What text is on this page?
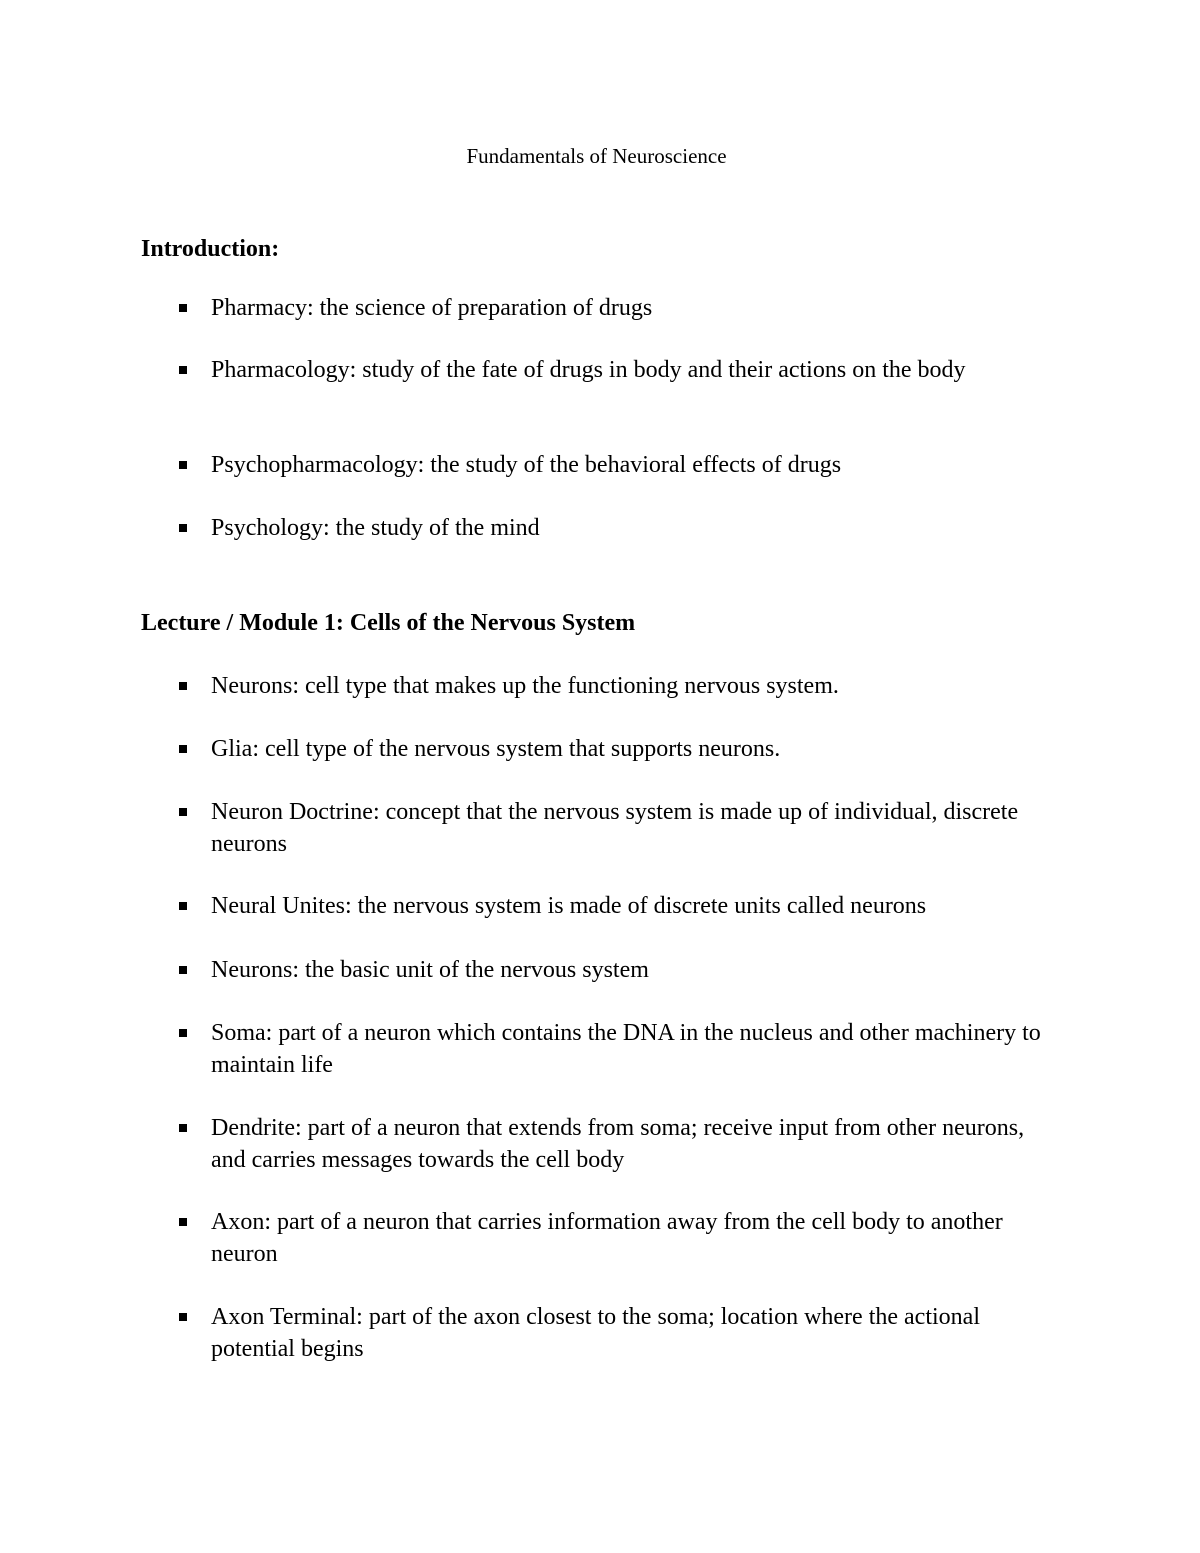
Fundamentals of Neuroscience
Introduction:
Pharmacy: the science of preparation of drugs
Pharmacology: study of the fate of drugs in body and their actions on the body
Psychopharmacology: the study of the behavioral effects of drugs
Psychology: the study of the mind
Lecture / Module 1: Cells of the Nervous System
Neurons: cell type that makes up the functioning nervous system.
Glia: cell type of the nervous system that supports neurons.
Neuron Doctrine: concept that the nervous system is made up of individual, discrete neurons
Neural Unites: the nervous system is made of discrete units called neurons
Neurons: the basic unit of the nervous system
Soma: part of a neuron which contains the DNA in the nucleus and other machinery to maintain life
Dendrite: part of a neuron that extends from soma; receive input from other neurons, and carries messages towards the cell body
Axon: part of a neuron that carries information away from the cell body to another neuron
Axon Terminal: part of the axon closest to the soma; location where the actional potential begins
